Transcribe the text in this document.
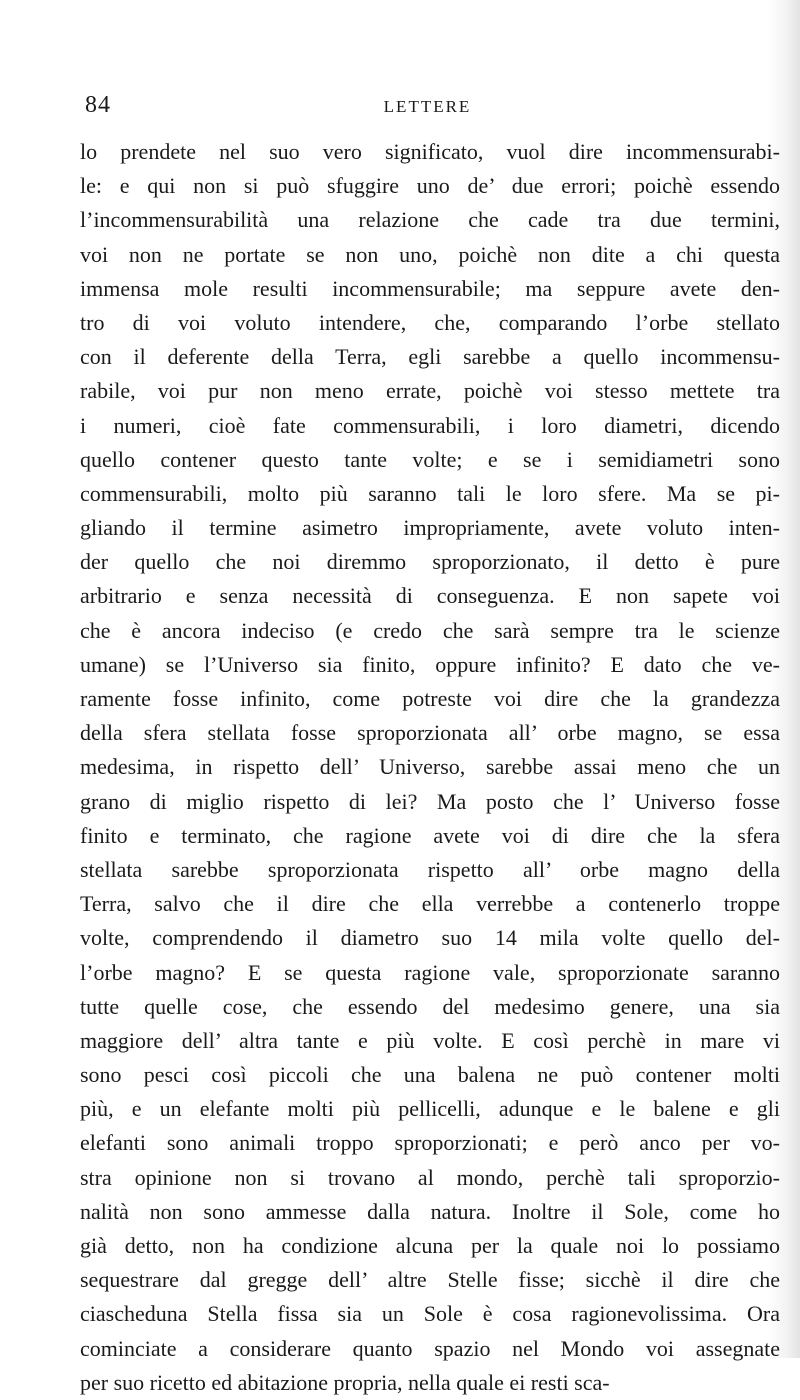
84	LETTERE
lo prendete nel suo vero significato, vuol dire incommensurabi-
le: e qui non si può sfuggire uno de’ due errori; poichè essendo
l’incommensurabilità una relazione che cade tra due termini,
voi non ne portate se non uno, poichè non dite a chi questa
immensa mole resulti incommensurabile; ma seppure avete den-
tro di voi voluto intendere, che, comparando l’orbe stellato
con il deferente della Terra, egli sarebbe a quello incommensu-
rabile, voi pur non meno errate, poichè voi stesso mettete tra
i numeri, cioè fate commensurabili, i loro diametri, dicendo
quello contener questo tante volte; e se i semidiametri sono
commensurabili, molto più saranno tali le loro sfere. Ma se pi-
gliando il termine asimetro impropriamente, avete voluto inten-
der quello che noi diremmo sproporzionato, il detto è pure
arbitrario e senza necessità di conseguenza. E non sapete voi
che è ancora indeciso (e credo che sarà sempre tra le scienze
umane) se l’Universo sia finito, oppure infinito? E dato che ve-
ramente fosse infinito, come potreste voi dire che la grandezza
della sfera stellata fosse sproporzionata all’ orbe magno, se essa
medesima, in rispetto dell’ Universo, sarebbe assai meno che un
grano di miglio rispetto di lei? Ma posto che l’ Universo fosse
finito e terminato, che ragione avete voi di dire che la sfera
stellata sarebbe sproporzionata rispetto all’ orbe magno della
Terra, salvo che il dire che ella verrebbe a contenerlo troppe
volte, comprendendo il diametro suo 14 mila volte quello del-
l’orbe magno? E se questa ragione vale, sproporzionate saranno
tutte quelle cose, che essendo del medesimo genere, una sia
maggiore dell’ altra tante e più volte. E così perchè in mare vi
sono pesci così piccoli che una balena ne può contener molti
più, e un elefante molti più pellicelli, adunque e le balene e gli
elefanti sono animali troppo sproporzionati; e però anco per vo-
stra opinione non si trovano al mondo, perchè tali sproporzio-
nalità non sono ammesse dalla natura. Inoltre il Sole, come ho
già detto, non ha condizione alcuna per la quale noi lo possiamo
sequestrare dal gregge dell’ altre Stelle fisse; sicchè il dire che
ciascheduna Stella fissa sia un Sole è cosa ragionevolissima. Ora
cominciate a considerare quanto spazio nel Mondo voi assegnate
per suo ricetto ed abitazione propria, nella quale ei resti sca-
